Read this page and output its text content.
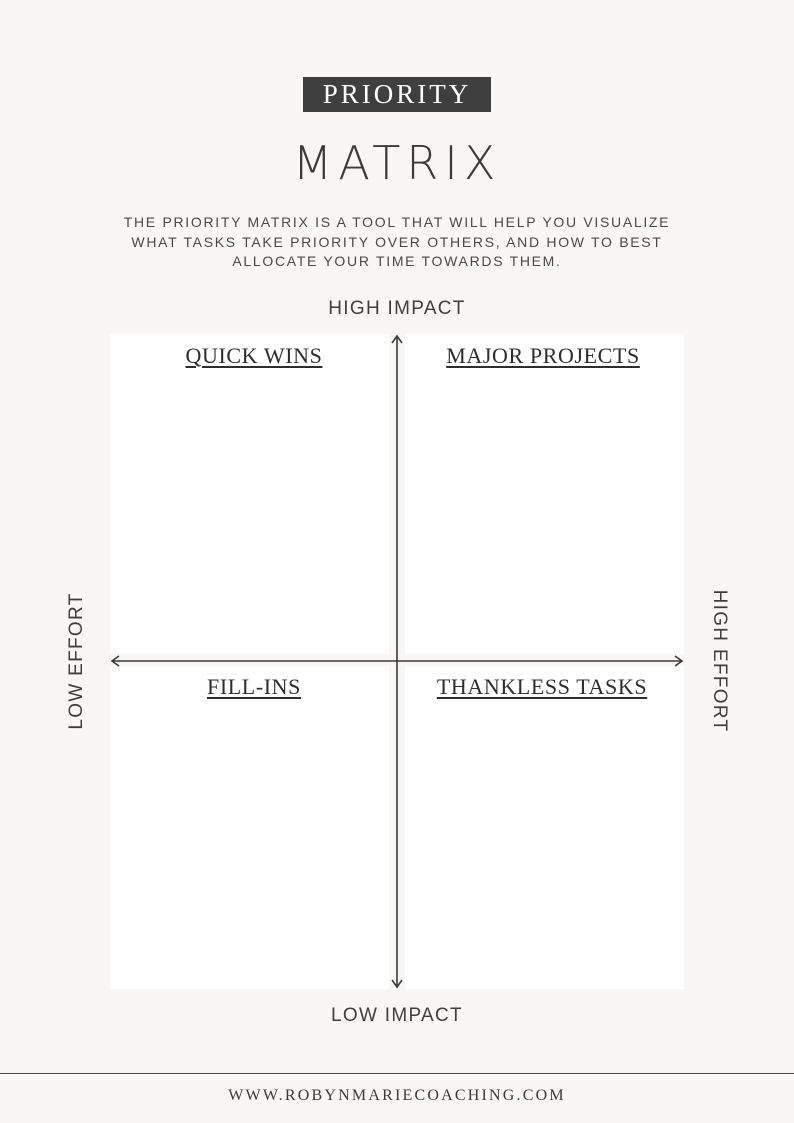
PRIORITY
MATRIX
THE PRIORITY MATRIX IS A TOOL THAT WILL HELP YOU VISUALIZE WHAT TASKS TAKE PRIORITY OVER OTHERS, AND HOW TO BEST ALLOCATE YOUR TIME TOWARDS THEM.
HIGH IMPACT
LOW IMPACT
LOW EFFORT	HIGH EFFORT
QUICK WINS	MAJOR PROJECTS
FILL-INS	THANKLESS TASKS
WWW.ROBYNMARIECOACHING.COM
